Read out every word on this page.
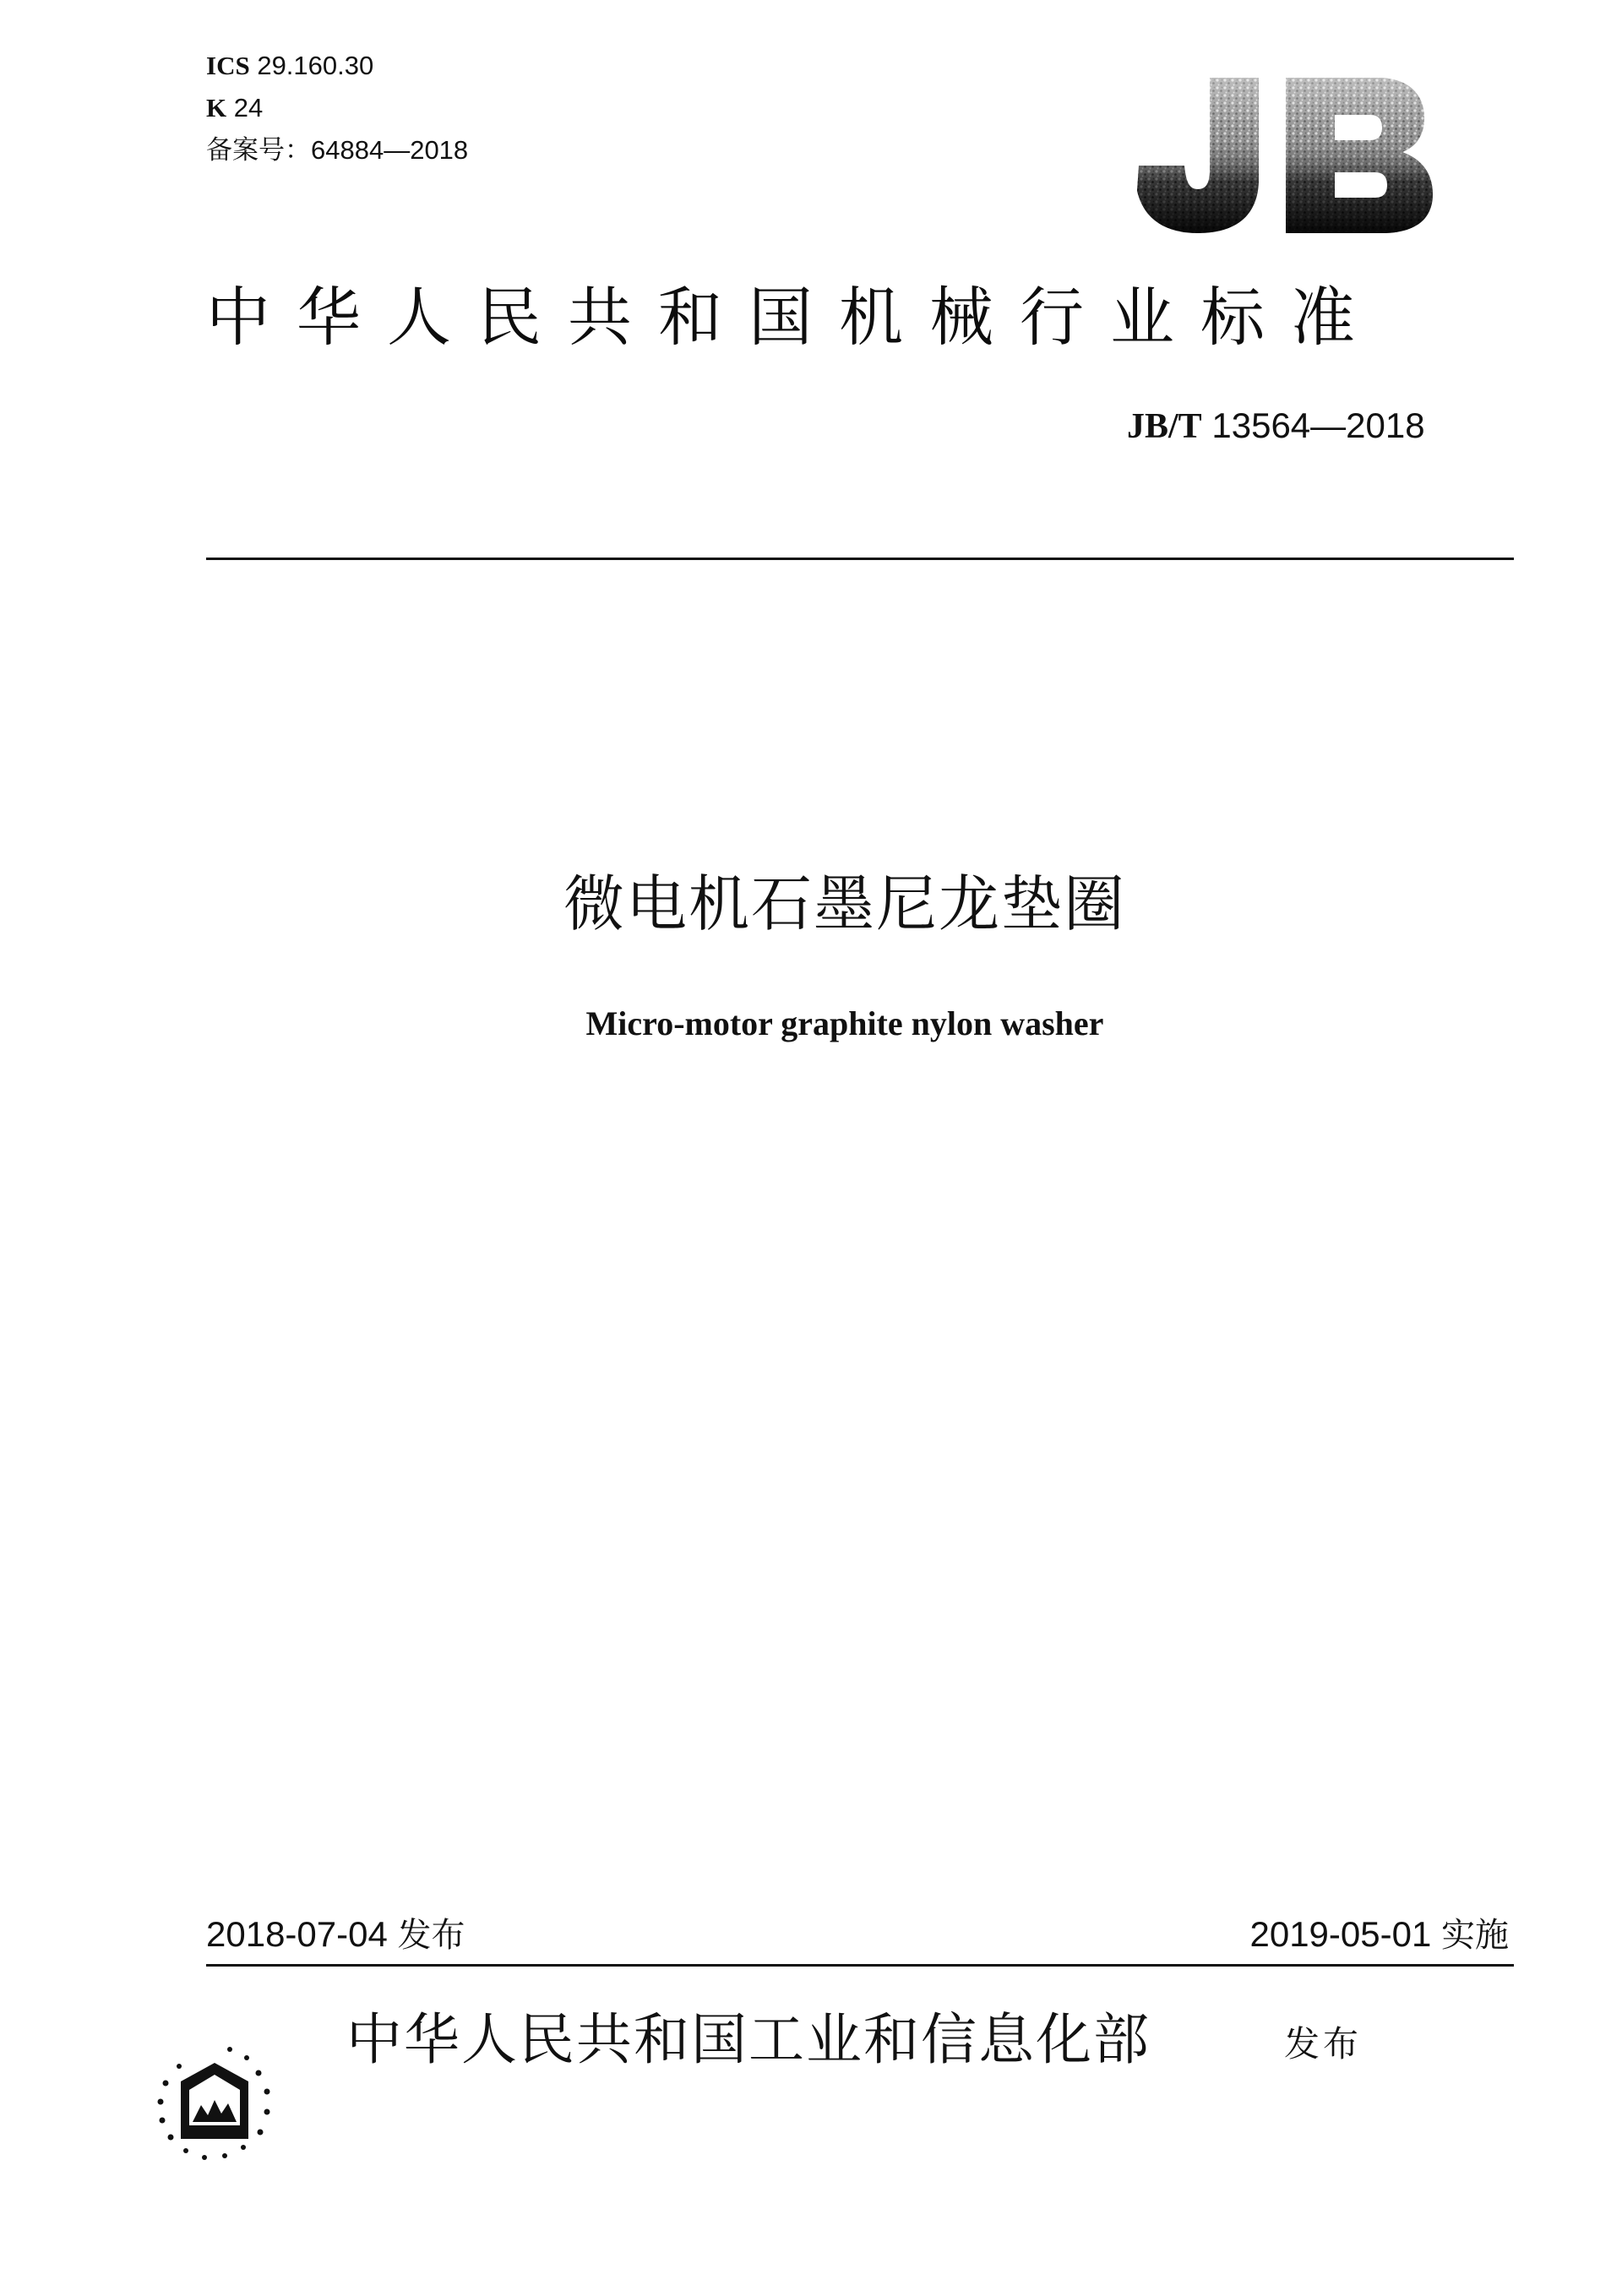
ICS 29.160.30
K 24
备案号：64884—2018
中华人民共和国机械行业标准
JB/T 13564—2018
微电机石墨尼龙垫圈
Micro-motor graphite nylon washer
2018-07-04 发布	2019-05-01 实施
中华人民共和国工业和信息化部	发布
